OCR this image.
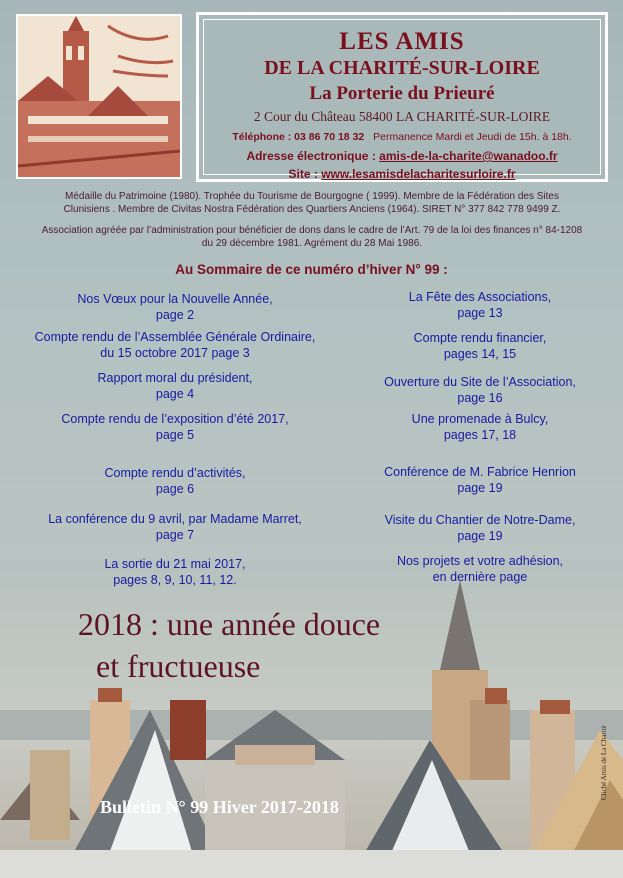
LES AMIS
DE LA CHARITÉ-SUR-LOIRE
La Porterie du Prieuré
2 Cour du Château 58400 LA CHARITÉ-SUR-LOIRE
Téléphone : 03 86 70 18 32 Permanence Mardi et Jeudi de 15h. à 18h.
Adresse électronique : amis-de-la-charite@wanadoo.fr
Site : www.lesamisdelacharitesurloire.fr
Médaille du Patrimoine (1980). Trophée du Tourisme de Bourgogne ( 1999). Membre de la Fédération des Sites
Clunisiens . Membre de Civitas Nostra Fédération des Quartiers Anciens (1964). SIRET N° 377 842 778 9499 Z.
Association agréée par l’administration pour bénéficier de dons dans le cadre de l’Art. 79 de la loi des finances n° 84-1208
du 29 décembre 1981. Agrément du 28 Mai 1986.
Au Sommaire de ce numéro d’hiver N° 99 :
Nos Vœux pour la Nouvelle Année,
page 2
Compte rendu de l’Assemblée Générale Ordinaire,
du 15 octobre 2017 page 3
Rapport moral du président,
page 4
Compte rendu de l’exposition d’été 2017,
page 5
Compte rendu d’activités,
page 6
La conférence du 9 avril, par Madame Marret,
page 7
La sortie du 21 mai 2017,
pages 8, 9, 10, 11, 12.
La Fête des Associations,
page 13
Compte rendu financier,
pages 14, 15
Ouverture du Site de l’Association,
page 16
Une promenade à Bulcy,
pages 17, 18
Conférence de M. Fabrice Henrion
page 19
Visite du Chantier de Notre-Dame,
page 19
Nos projets et votre adhésion,
en dernière page
2018 : une année douce
et fructueuse
Bulletin N° 99 Hiver 2017-2018
Cliché Amis de La Charité
